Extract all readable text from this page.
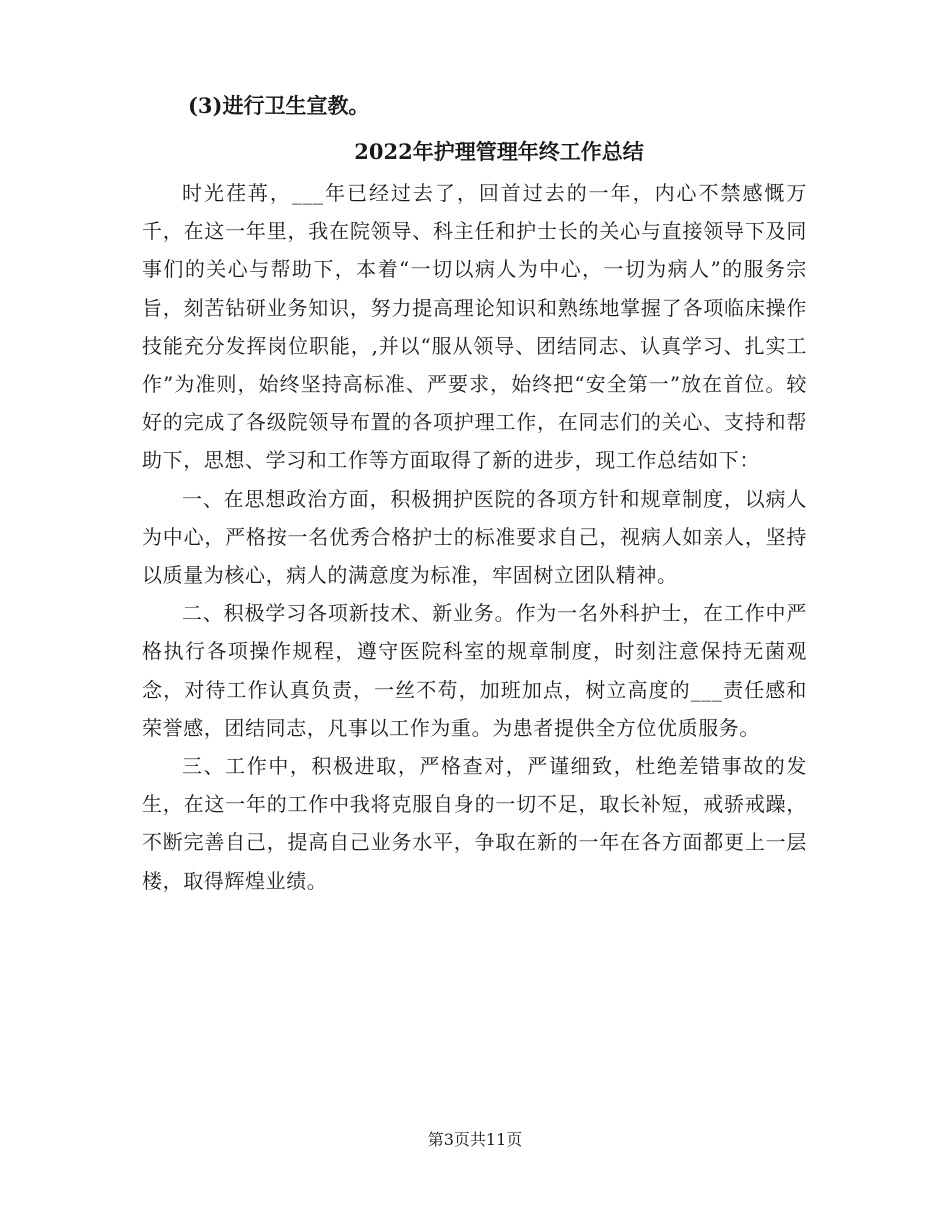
(3)进行卫生宣教。

2022年护理管理年终工作总结

时光荏苒，___年已经过去了，回首过去的一年，内心不禁感慨万千，在这一年里，我在院领导、科主任和护士长的关心与直接领导下及同事们的关心与帮助下，本着“一切以病人为中心，一切为病人”的服务宗旨，刻苦钻研业务知识，努力提高理论知识和熟练地掌握了各项临床操作技能充分发挥岗位职能，,并以“服从领导、团结同志、认真学习、扎实工作”为准则，始终坚持高标准、严要求，始终把“安全第一”放在首位。较好的完成了各级院领导布置的各项护理工作，在同志们的关心、支持和帮助下，思想、学习和工作等方面取得了新的进步，现工作总结如下：

一、在思想政治方面，积极拥护医院的各项方针和规章制度，以病人为中心，严格按一名优秀合格护士的标准要求自己，视病人如亲人，坚持以质量为核心，病人的满意度为标准，牢固树立团队精神。

二、积极学习各项新技术、新业务。作为一名外科护士，在工作中严格执行各项操作规程，遵守医院科室的规章制度，时刻注意保持无菌观念，对待工作认真负责，一丝不苟，加班加点，树立高度的___责任感和荣誉感，团结同志，凡事以工作为重。为患者提供全方位优质服务。

三、工作中，积极进取，严格查对，严谨细致，杜绝差错事故的发生，在这一年的工作中我将克服自身的一切不足，取长补短，戒骄戒躁，不断完善自己，提高自己业务水平，争取在新的一年在各方面都更上一层楼，取得辉煌业绩。

第3页共11页
